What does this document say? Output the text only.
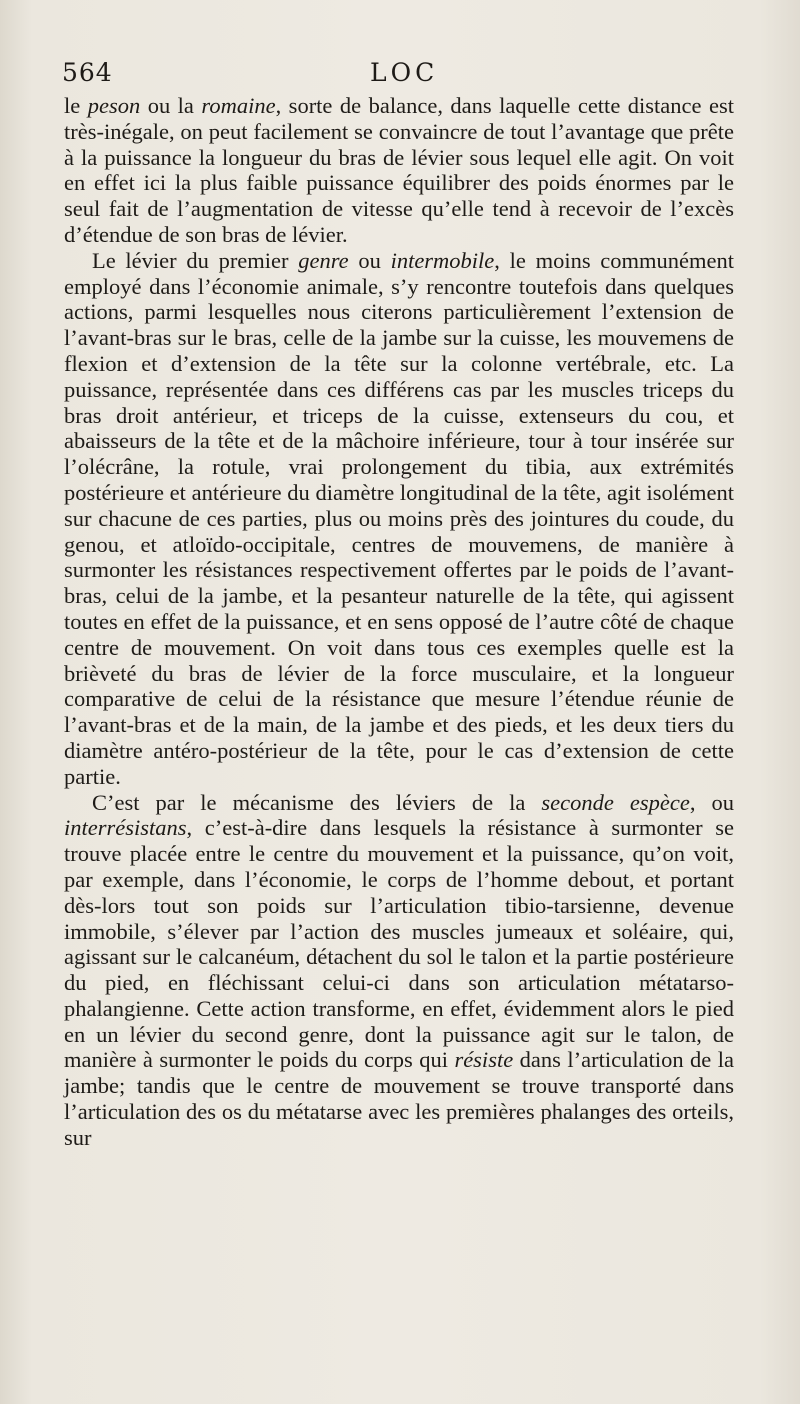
564	LOC

le peson ou la romaine, sorte de balance, dans laquelle cette distance est très-inégale, on peut facilement se convaincre de tout l’avantage que prête à la puissance la longueur du bras de lévier sous lequel elle agit. On voit en effet ici la plus faible puissance équilibrer des poids énormes par le seul fait de l’augmentation de vitesse qu’elle tend à recevoir de l’excès d’étendue de son bras de lévier.

Le lévier du premier genre ou intermobile, le moins communément employé dans l’économie animale, s’y rencontre toutefois dans quelques actions, parmi lesquelles nous citerons particulièrement l’extension de l’avant-bras sur le bras, celle de la jambe sur la cuisse, les mouvemens de flexion et d’extension de la tête sur la colonne vertébrale, etc. La puissance, représentée dans ces différens cas par les muscles triceps du bras droit antérieur, et triceps de la cuisse, extenseurs du cou, et abaisseurs de la tête et de la mâchoire inférieure, tour à tour insérée sur l’olécrâne, la rotule, vrai prolongement du tibia, aux extrémités postérieure et antérieure du diamètre longitudinal de la tête, agit isolément sur chacune de ces parties, plus ou moins près des jointures du coude, du genou, et atloïdo-occipitale, centres de mouvemens, de manière à surmonter les résistances respectivement offertes par le poids de l’avant-bras, celui de la jambe, et la pesanteur naturelle de la tête, qui agissent toutes en effet de la puissance, et en sens opposé de l’autre côté de chaque centre de mouvement. On voit dans tous ces exemples quelle est la brièveté du bras de lévier de la force musculaire, et la longueur comparative de celui de la résistance que mesure l’étendue réunie de l’avant-bras et de la main, de la jambe et des pieds, et les deux tiers du diamètre antéro-postérieur de la tête, pour le cas d’extension de cette partie.

C’est par le mécanisme des léviers de la seconde espèce, ou interrésistans, c’est-à-dire dans lesquels la résistance à surmonter se trouve placée entre le centre du mouvement et la puissance, qu’on voit, par exemple, dans l’économie, le corps de l’homme debout, et portant dès-lors tout son poids sur l’articulation tibio-tarsienne, devenue immobile, s’élever par l’action des muscles jumeaux et soléaire, qui, agissant sur le calcanéum, détachent du sol le talon et la partie postérieure du pied, en fléchissant celui-ci dans son articulation métatarso-phalangienne. Cette action transforme, en effet, évidemment alors le pied en un lévier du second genre, dont la puissance agit sur le talon, de manière à surmonter le poids du corps qui résiste dans l’articulation de la jambe; tandis que le centre de mouvement se trouve transporté dans l’articulation des os du métatarse avec les premières phalanges des orteils, sur
